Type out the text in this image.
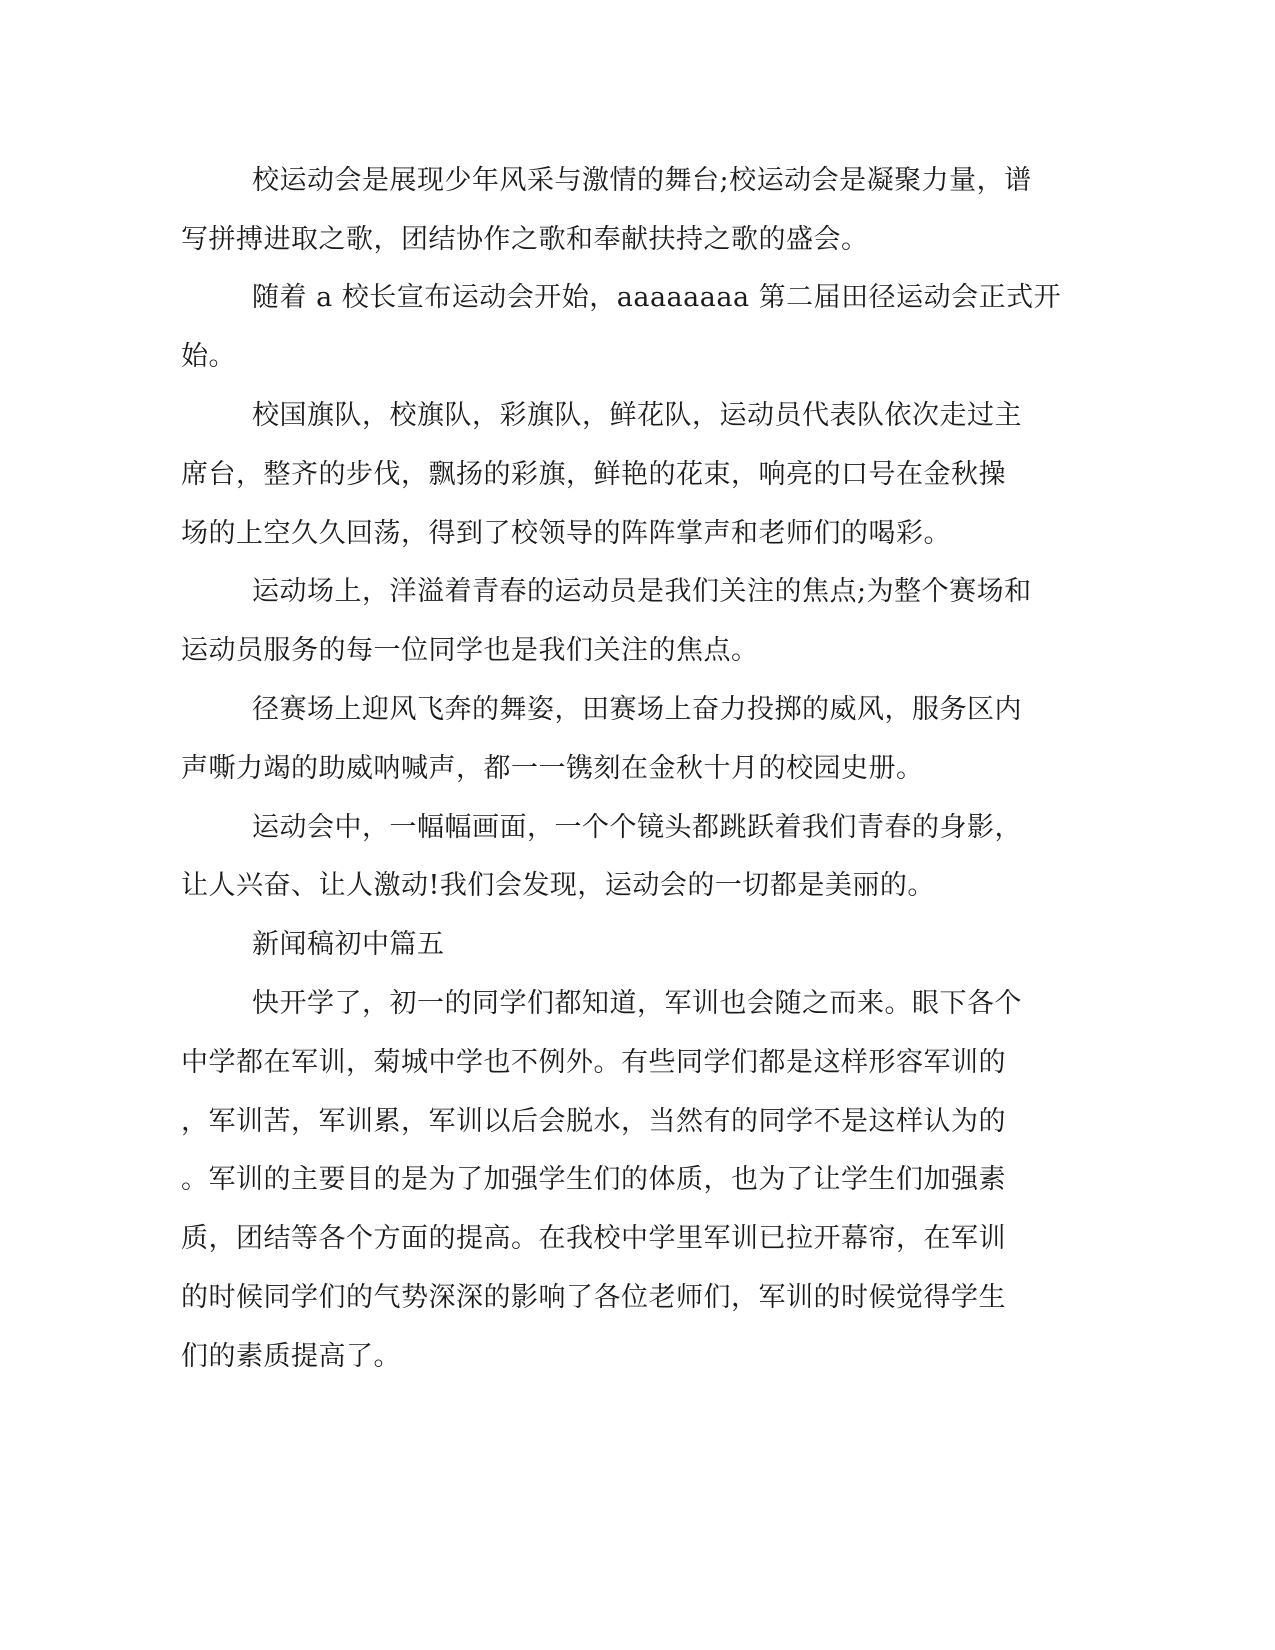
校运动会是展现少年风采与激情的舞台;校运动会是凝聚力量，谱
写拼搏进取之歌，团结协作之歌和奉献扶持之歌的盛会。
随着 a 校长宣布运动会开始，aaaaaaaa 第二届田径运动会正式开
始。
校国旗队，校旗队，彩旗队，鲜花队，运动员代表队依次走过主
席台，整齐的步伐，飘扬的彩旗，鲜艳的花束，响亮的口号在金秋操
场的上空久久回荡，得到了校领导的阵阵掌声和老师们的喝彩。
运动场上，洋溢着青春的运动员是我们关注的焦点;为整个赛场和
运动员服务的每一位同学也是我们关注的焦点。
径赛场上迎风飞奔的舞姿，田赛场上奋力投掷的威风，服务区内
声嘶力竭的助威呐喊声，都一一镌刻在金秋十月的校园史册。
运动会中，一幅幅画面，一个个镜头都跳跃着我们青春的身影，
让人兴奋、让人激动!我们会发现，运动会的一切都是美丽的。
新闻稿初中篇五
快开学了，初一的同学们都知道，军训也会随之而来。眼下各个
中学都在军训，菊城中学也不例外。有些同学们都是这样形容军训的
，军训苦，军训累，军训以后会脱水，当然有的同学不是这样认为的
。军训的主要目的是为了加强学生们的体质，也为了让学生们加强素
质，团结等各个方面的提高。在我校中学里军训已拉开幕帘，在军训
的时候同学们的气势深深的影响了各位老师们，军训的时候觉得学生
们的素质提高了。
